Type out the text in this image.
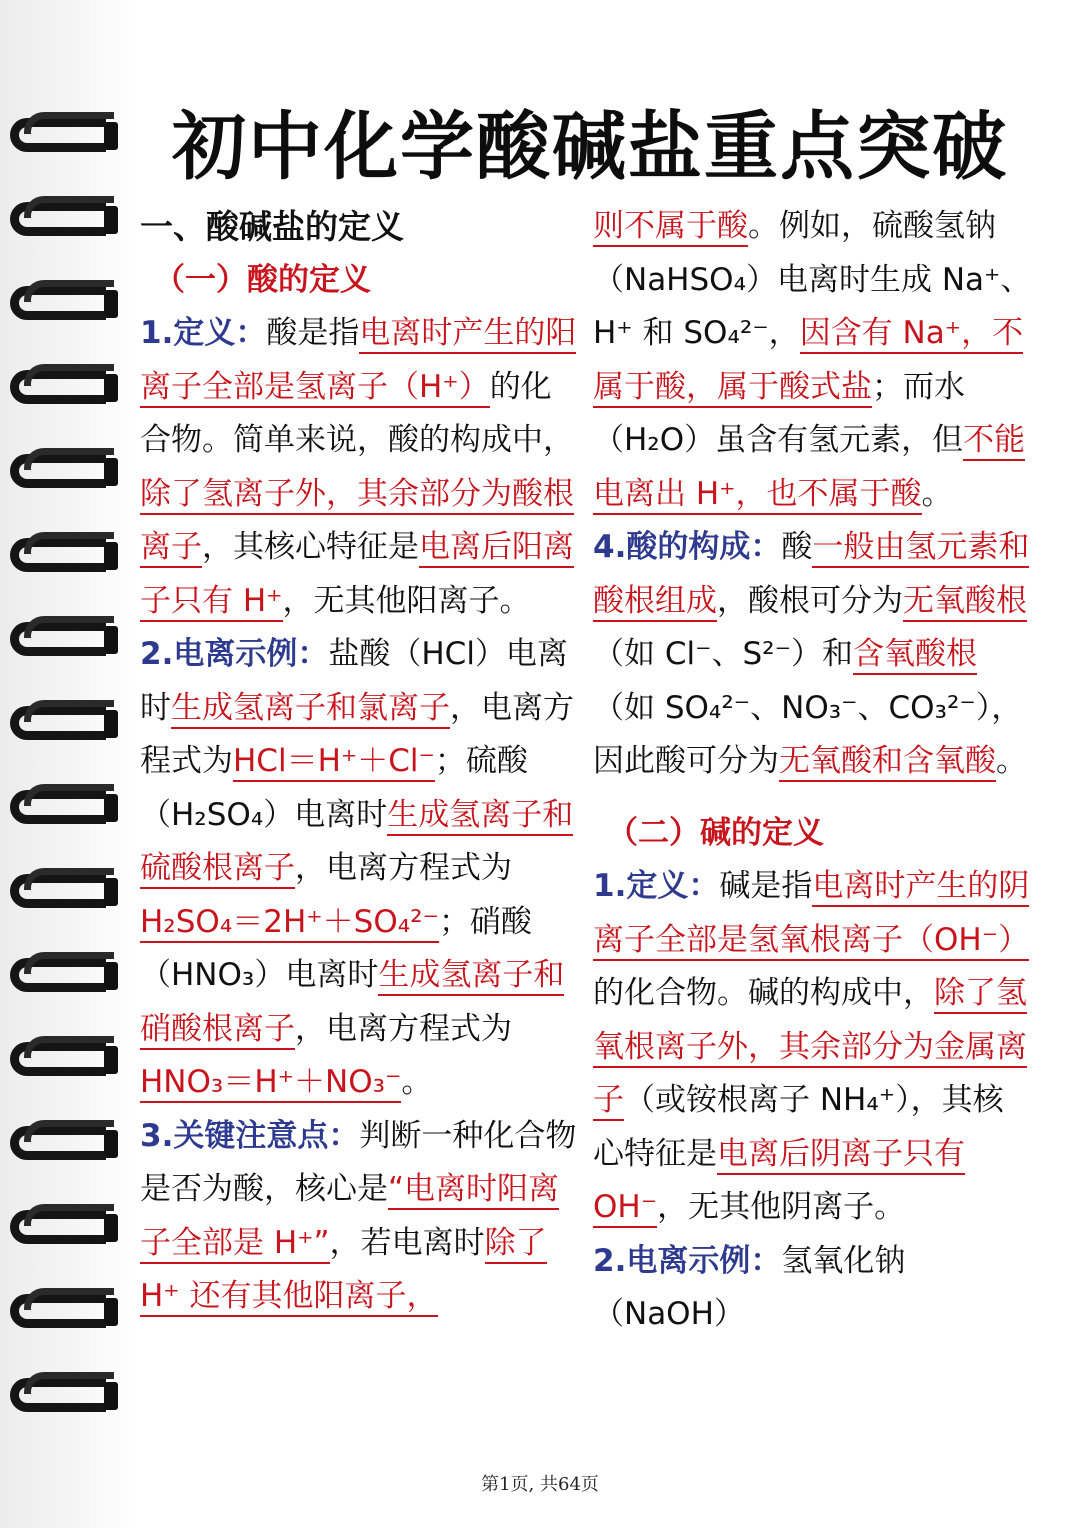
初中化学酸碱盐重点突破
一、酸碱盐的定义
（一）酸的定义

1.定义：酸是指电离时产生的阳离子全部是氢离子（H⁺）的化合物。简单来说，酸的构成中，除了氢离子外，其余部分为酸根离子，其核心特征是电离后阳离子只有 H⁺，无其他阳离子。

2.电离示例：盐酸（HCl）电离时生成氢离子和氯离子，电离方程式为HCl＝H⁺＋Cl⁻；硫酸（H₂SO₄）电离时生成氢离子和硫酸根离子，电离方程式为H₂SO₄＝2H⁺＋SO₄²⁻；硝酸（HNO₃）电离时生成氢离子和硝酸根离子，电离方程式为HNO₃＝H⁺＋NO₃⁻。

3.关键注意点：判断一种化合物是否为酸，核心是“电离时阳离子全部是 H⁺”，若电离时除了 H⁺ 还有其他阳离子，

则不属于酸。例如，硫酸氢钠（NaHSO₄）电离时生成 Na⁺、H⁺ 和 SO₄²⁻，因含有 Na⁺，不属于酸，属于酸式盐；而水（H₂O）虽含有氢元素，但不能电离出 H⁺，也不属于酸。

4.酸的构成：酸一般由氢元素和酸根组成，酸根可分为无氧酸根（如 Cl⁻、S²⁻）和含氧酸根（如 SO₄²⁻、NO₃⁻、CO₃²⁻），因此酸可分为无氧酸和含氧酸。

（二）碱的定义

1.定义：碱是指电离时产生的阴离子全部是氢氧根离子（OH⁻）的化合物。碱的构成中，除了氢氧根离子外，其余部分为金属离子（或铵根离子 NH₄⁺），其核心特征是电离后阴离子只有 OH⁻，无其他阴离子。

2.电离示例：氢氧化钠（NaOH）

第1页, 共64页
